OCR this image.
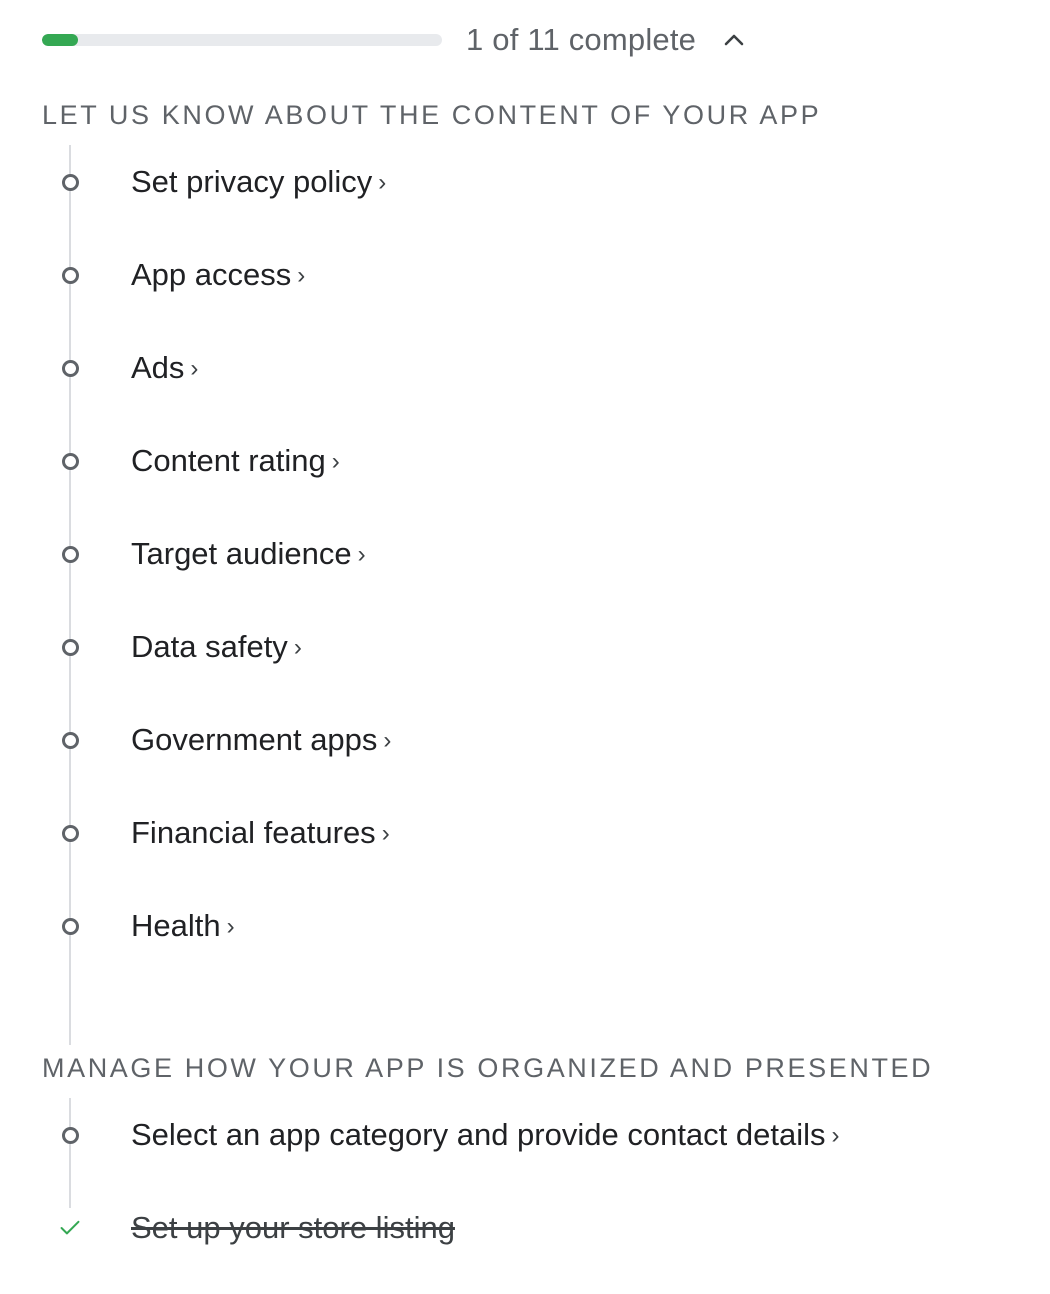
1 of 11 complete
LET US KNOW ABOUT THE CONTENT OF YOUR APP
Set privacy policy ›
App access ›
Ads ›
Content rating ›
Target audience ›
Data safety ›
Government apps ›
Financial features ›
Health ›
MANAGE HOW YOUR APP IS ORGANIZED AND PRESENTED
Select an app category and provide contact details ›
Set up your store listing
